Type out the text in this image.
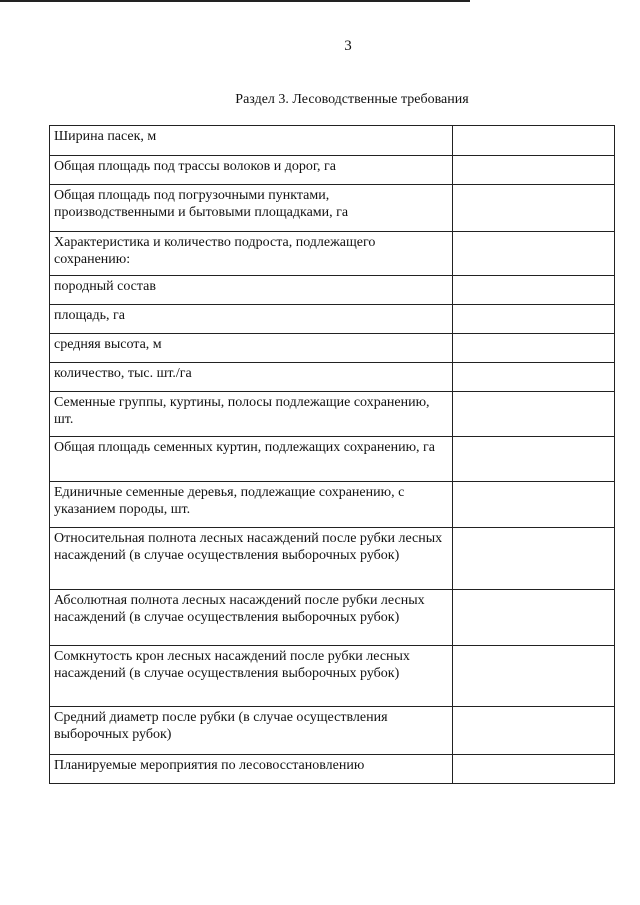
3
Раздел 3. Лесоводственные требования
Ширина пасек, м	
Общая площадь под трассы волоков и дорог, га	
Общая площадь под погрузочными пунктами, производственными и бытовыми площадками, га	
Характеристика и количество подроста, подлежащего сохранению:	
породный состав	
площадь, га	
средняя высота, м	
количество, тыс. шт./га	
Семенные группы, куртины, полосы подлежащие сохранению, шт.	
Общая площадь семенных куртин, подлежащих сохранению, га	
Единичные семенные деревья, подлежащие сохранению, с указанием породы, шт.	
Относительная полнота лесных насаждений после рубки лесных насаждений (в случае осуществления выборочных рубок)	
Абсолютная полнота лесных насаждений после рубки лесных насаждений (в случае осуществления выборочных рубок)	
Сомкнутость крон лесных насаждений после рубки лесных насаждений (в случае осуществления выборочных рубок)	
Средний диаметр после рубки (в случае осуществления выборочных рубок)	
Планируемые мероприятия по лесовосстановлению	
